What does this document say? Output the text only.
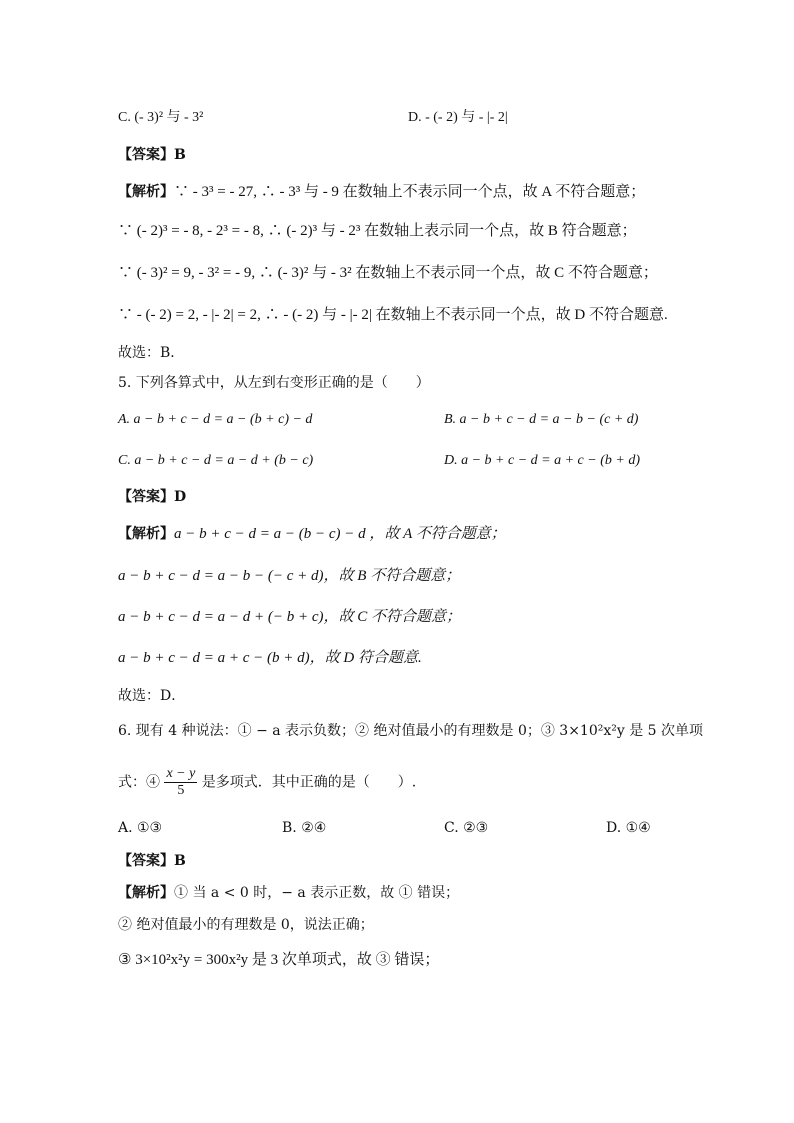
C. (- 3)² 与 - 3²	D. - (- 2) 与 - |- 2|
【答案】B
【解析】∵ - 3³ = - 27, ∴ - 3³ 与 - 9 在数轴上不表示同一个点，故 A 不符合题意；
∵ (- 2)³ = - 8, - 2³ = - 8, ∴ (- 2)³ 与 - 2³ 在数轴上表示同一个点，故 B 符合题意；
∵ (- 3)² = 9, - 3² = - 9, ∴ (- 3)² 与 - 3² 在数轴上不表示同一个点，故 C 不符合题意；
∵ - (- 2) = 2, - |- 2| = 2, ∴ - (- 2) 与 - |- 2| 在数轴上不表示同一个点，故 D 不符合题意.
故选：B．
5. 下列各算式中，从左到右变形正确的是（　　）
A. a − b + c − d = a − (b + c) − d	B. a − b + c − d = a − b − (c + d)
C. a − b + c − d = a − d + (b − c)	D. a − b + c − d = a + c − (b + d)
【答案】D
【解析】a − b + c − d = a − (b − c) − d ，故 A 不符合题意；
a − b + c − d = a − b − (− c + d)，故 B 不符合题意；
a − b + c − d = a − d + (− b + c)，故 C 不符合题意；
a − b + c − d = a + c − (b + d)，故 D 符合题意.
故选：D．
6. 现有 4 种说法：① − a 表示负数；② 绝对值最小的有理数是 0；③ 3×10²x²y 是 5 次单项
式：④ $\frac{x - y}{5}$ 是多项式．其中正确的是（　　）.
A. ①③	B. ②④	C. ②③	D. ①④
【答案】B
【解析】① 当 a < 0 时，− a 表示正数，故 ① 错误；
② 绝对值最小的有理数是 0，说法正确；
③ 3×10²x²y = 300x²y 是 3 次单项式，故 ③ 错误；
